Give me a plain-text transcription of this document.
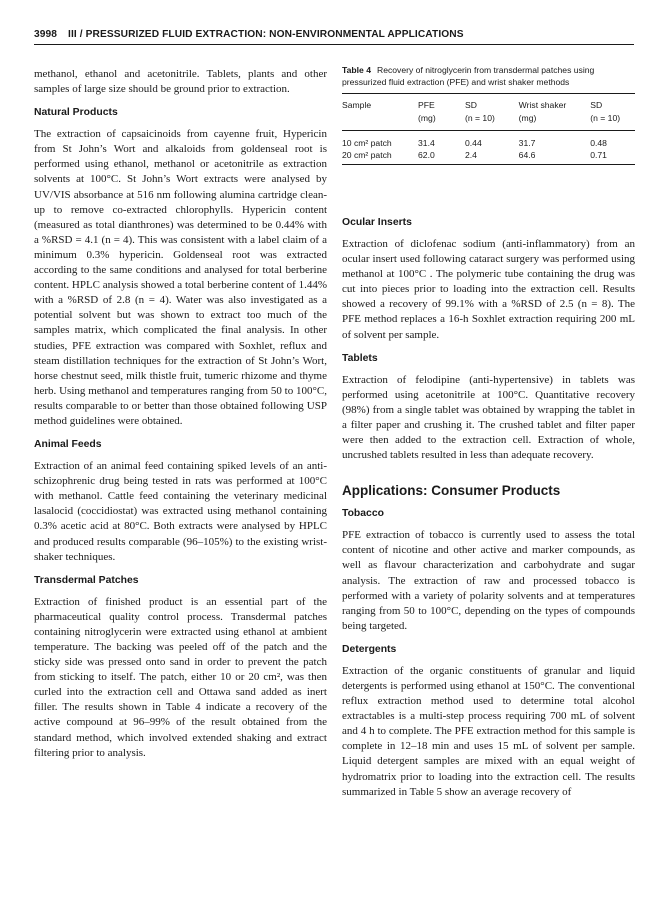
3998 III / PRESSURIZED FLUID EXTRACTION: NON-ENVIRONMENTAL APPLICATIONS

methanol, ethanol and acetonitrile. Tablets, plants and other samples of large size should be ground prior to extraction.

Natural Products

The extraction of capsaicinoids from cayenne fruit, Hypericin from St John’s Wort and alkaloids from goldenseal root is performed using ethanol, methanol or acetonitrile as extraction solvents at 100°C. St John’s Wort extracts were analysed by UV/VIS absorbance at 516 nm following alumina cartridge clean-up to remove co-extracted chlorophylls. Hypericin content (measured as total dianthrones) was determined to be 0.44% with a %RSD = 4.1 (n = 4). This was consistent with a label claim of a minimum 0.3% hypericin. Goldenseal root was extracted according to the same conditions and analysed for total berberine content. HPLC analysis showed a total berberine content of 1.44% with a %RSD of 2.8 (n = 4). Water was also investigated as a potential solvent but was shown to extract too much of the samples matrix, which complicated the final analysis. In other studies, PFE extraction was compared with Soxhlet, reflux and steam distillation techniques for the extraction of St John’s Wort, horse chestnut seed, milk thistle fruit, tumeric rhizome and thyme herb. Using methanol and temperatures ranging from 50 to 100°C, results comparable to or better than those obtained following USP method guidelines were obtained.

Animal Feeds

Extraction of an animal feed containing spiked levels of an anti-schizophrenic drug being tested in rats was performed at 100°C with methanol. Cattle feed containing the veterinary medicinal lasalocid (coccidiostat) was extracted using methanol containing 0.3% acetic acid at 80°C. Both extracts were analysed by HPLC and produced results comparable (96–105%) to the existing wrist-shaker techniques.

Transdermal Patches

Extraction of finished product is an essential part of the pharmaceutical quality control process. Transdermal patches containing nitroglycerin were extracted using ethanol at ambient temperature. The backing was peeled off of the patch and the sticky side was pressed onto sand in order to prevent the patch from sticking to itself. The patch, either 10 or 20 cm², was then curled into the extraction cell and Ottawa sand added as inert filler. The results shown in Table 4 indicate a recovery of the active compound at 96–99% of the result obtained from the standard method, which involved extended shaking and extract filtering prior to analysis.

Table 4 Recovery of nitroglycerin from transdermal patches using pressurized fluid extraction (PFE) and wrist shaker methods
Sample	PFE	SD	Wrist shaker	SD
	(mg)	(n = 10)	(mg)	(n = 10)
10 cm² patch	31.4	0.44	31.7	0.48
20 cm² patch	62.0	2.4	64.6	0.71
Ocular Inserts

Extraction of diclofenac sodium (anti-inflammatory) from an ocular insert used following cataract surgery was performed using methanol at 100°C . The polymeric tube containing the drug was cut into pieces prior to loading into the extraction cell. Results showed a recovery of 99.1% with a %RSD of 2.5 (n = 8). The PFE method replaces a 16-h Soxhlet extraction requiring 200 mL of solvent per sample.

Tablets

Extraction of felodipine (anti-hypertensive) in tablets was performed using acetonitrile at 100°C. Quantitative recovery (98%) from a single tablet was obtained by wrapping the tablet in a filter paper and crushing it. The crushed tablet and filter paper were then added to the extraction cell. Extraction of whole, uncrushed tablets resulted in less than adequate recovery.

Applications: Consumer Products
Tobacco

PFE extraction of tobacco is currently used to assess the total content of nicotine and other active and marker compounds, as well as flavour characterization and carbohydrate and sugar analysis. The extraction of raw and processed tobacco is performed with a variety of polarity solvents and at temperatures ranging from 50 to 100°C, depending on the types of compounds being targeted.

Detergents

Extraction of the organic constituents of granular and liquid detergents is performed using ethanol at 150°C. The conventional reflux extraction method used to determine total alcohol extractables is a multi-step process requiring 700 mL of solvent and 4 h to complete. The PFE extraction method for this sample is complete in 12–18 min and uses 15 mL of solvent per sample. Liquid detergent samples are mixed with an equal weight of hydromatrix prior to loading into the extraction cell. The results summarized in Table 5 show an average recovery of
